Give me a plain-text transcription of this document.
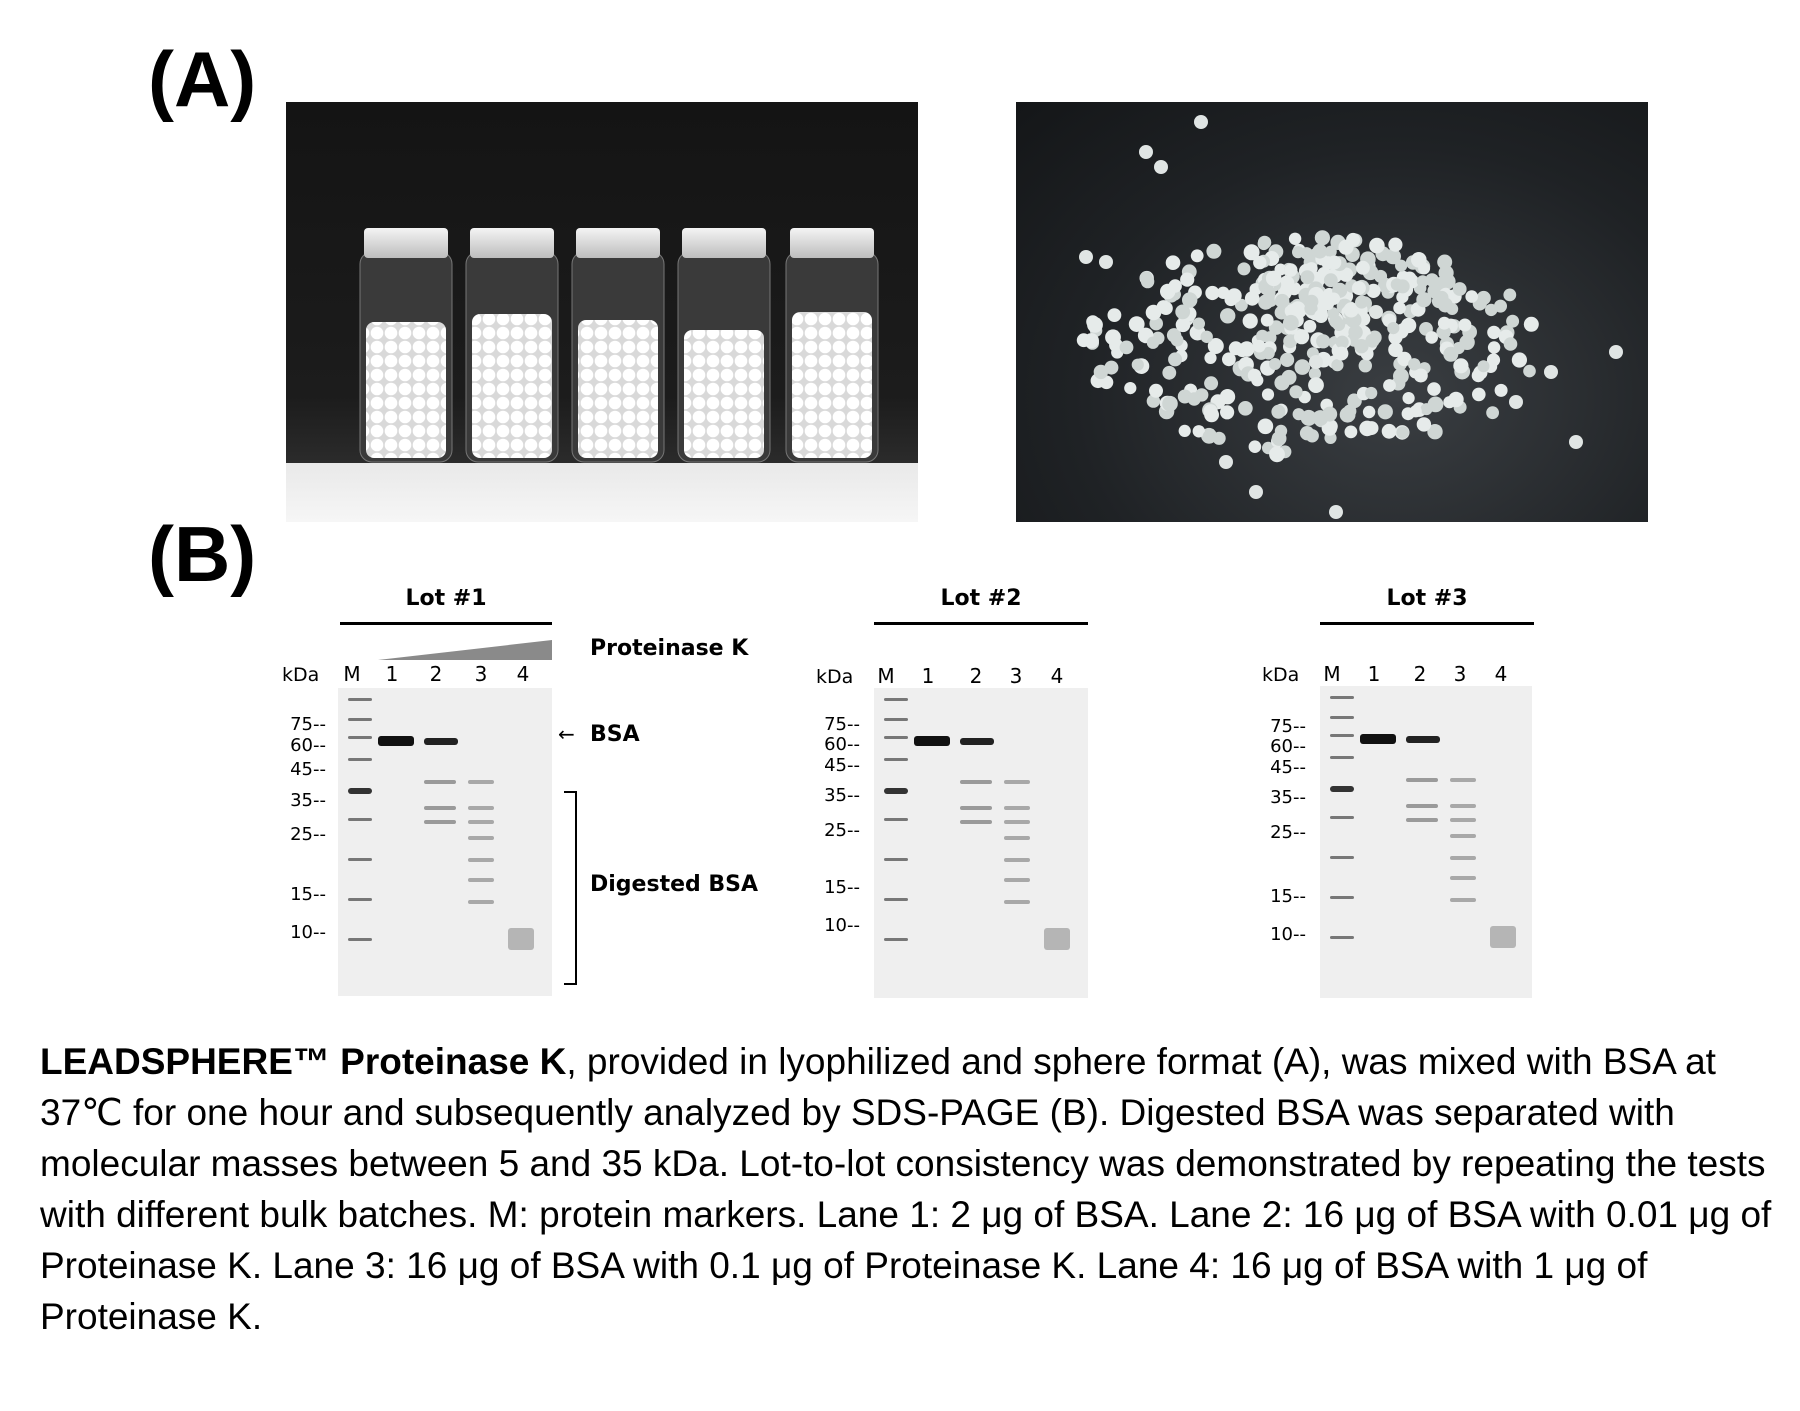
(A)
(B)
Lot #1
kDa M 1 2 3 4
75--
60--
45--
35--
25--
15--
10--
Proteinase K
← BSA
Digested BSA
Lot #2
kDa M 1 2 3 4
75--
60--
45--
35--
25--
15--
10--
Lot #3
kDa M 1 2 3 4
75--
60--
45--
35--
25--
15--
10--
LEADSPHERE™ Proteinase K, provided in lyophilized and sphere format (A), was mixed with BSA at 37℃ for one hour and subsequently analyzed by SDS-PAGE (B). Digested BSA was separated with molecular masses between 5 and 35 kDa. Lot-to-lot consistency was demonstrated by repeating the tests with different bulk batches. M: protein markers. Lane 1: 2 μg of BSA. Lane 2: 16 μg of BSA with 0.01 μg of Proteinase K. Lane 3: 16 μg of BSA with 0.1 μg of Proteinase K. Lane 4: 16 μg of BSA with 1 μg of Proteinase K.
